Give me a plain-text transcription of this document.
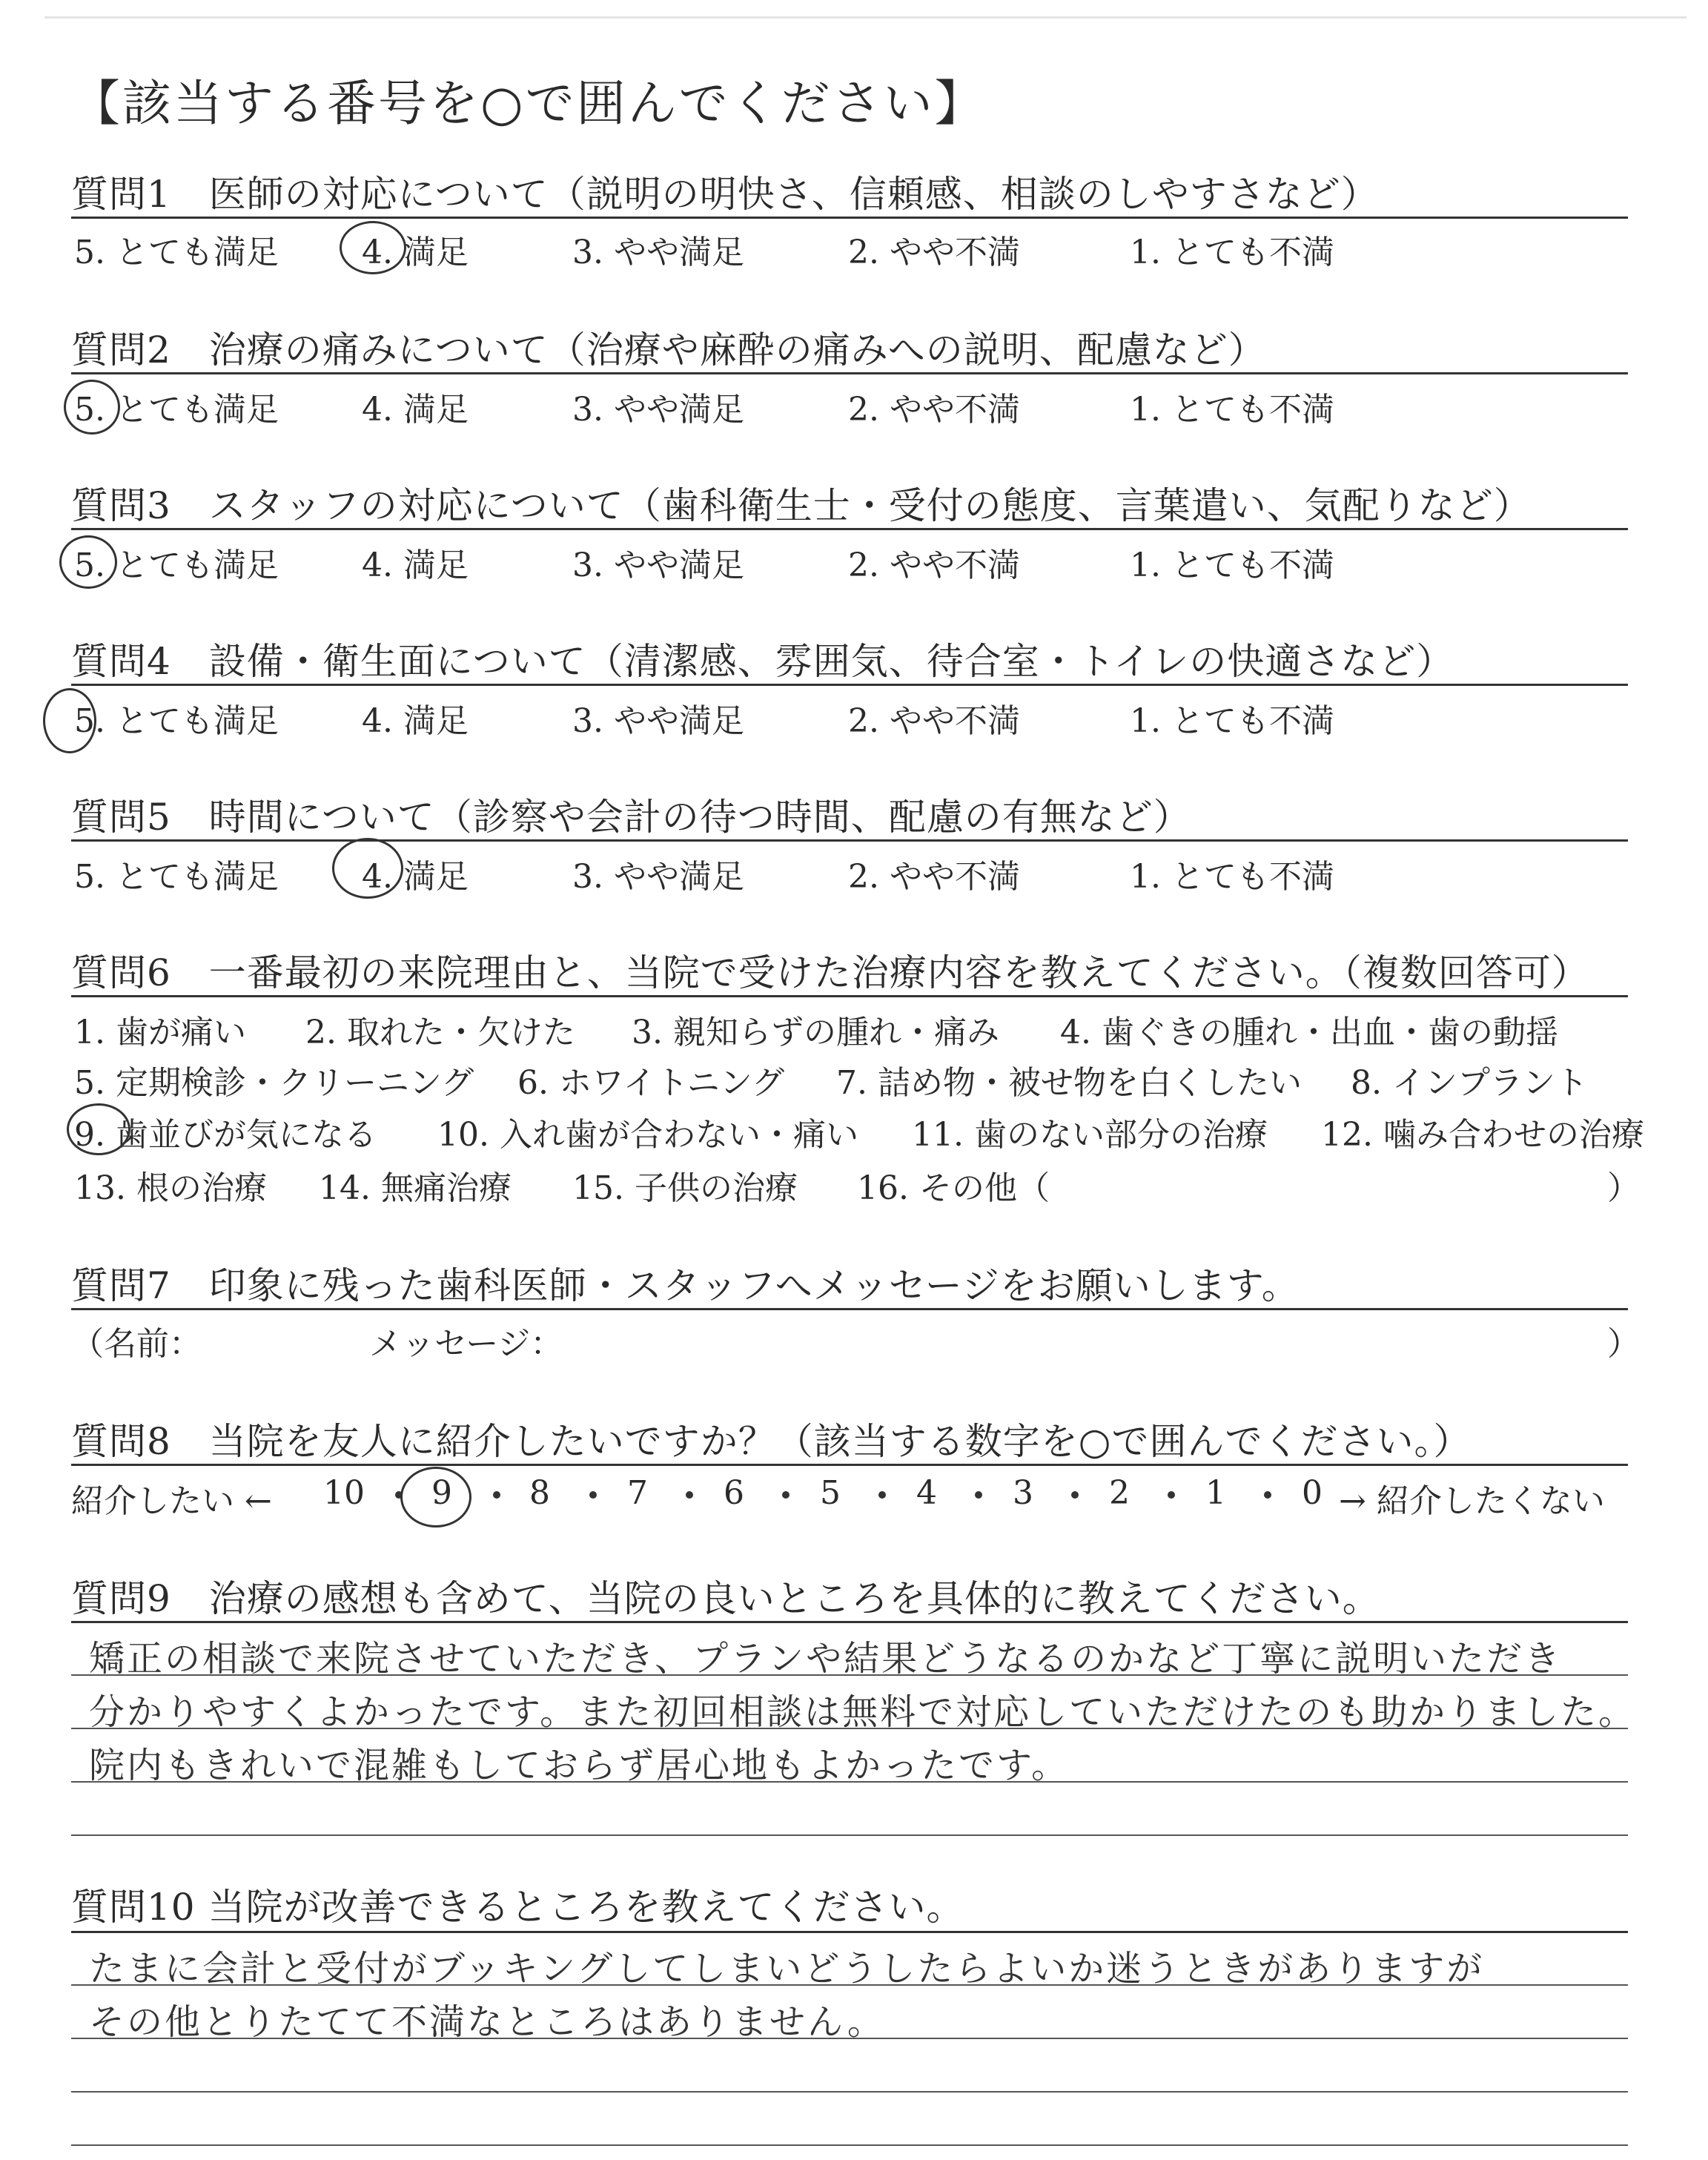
【該当する番号を○で囲んでください】
質問1　医師の対応について（説明の明快さ、信頼感、相談のしやすさなど）
5. とても満足	4. 満足	3. やや満足	2. やや不満	1. とても不満
質問2　治療の痛みについて（治療や麻酔の痛みへの説明、配慮など）
5. とても満足	4. 満足	3. やや満足	2. やや不満	1. とても不満
質問3　スタッフの対応について（歯科衛生士・受付の態度、言葉遣い、気配りなど）
5. とても満足	4. 満足	3. やや満足	2. やや不満	1. とても不満
質問4　設備・衛生面について（清潔感、雰囲気、待合室・トイレの快適さなど）
5. とても満足	4. 満足	3. やや満足	2. やや不満	1. とても不満
質問5　時間について（診察や会計の待つ時間、配慮の有無など）
5. とても満足	4. 満足	3. やや満足	2. やや不満	1. とても不満
質問6　一番最初の来院理由と、当院で受けた治療内容を教えてください。（複数回答可）
1. 歯が痛い 2. 取れた・欠けた 3. 親知らずの腫れ・痛み 4. 歯ぐきの腫れ・出血・歯の動揺
5. 定期検診・クリーニング 6. ホワイトニング 7. 詰め物・被せ物を白くしたい 8. インプラント
9. 歯並びが気になる 10. 入れ歯が合わない・痛い 11. 歯のない部分の治療 12. 噛み合わせの治療
13. 根の治療 14. 無痛治療 15. 子供の治療 16. その他（	）
質問7　印象に残った歯科医師・スタッフへメッセージをお願いします。
（名前：	メッセージ：	）
質問8　当院を友人に紹介したいですか？（該当する数字を○で囲んでください。）
紹介したい ← 10 9 8 7 6 5 4 3 2 1 0 → 紹介したくない
質問9　治療の感想も含めて、当院の良いところを具体的に教えてください。
矯正の相談で来院させていただき、プランや結果どうなるのかなど丁寧に説明いただき
分かりやすくよかったです。また初回相談は無料で対応していただけたのも助かりました。
院内もきれいで混雑もしておらず居心地もよかったです。
質問10 当院が改善できるところを教えてください。
たまに会計と受付がブッキングしてしまいどうしたらよいか迷うときがありますが
その他とりたてて不満なところはありません。
